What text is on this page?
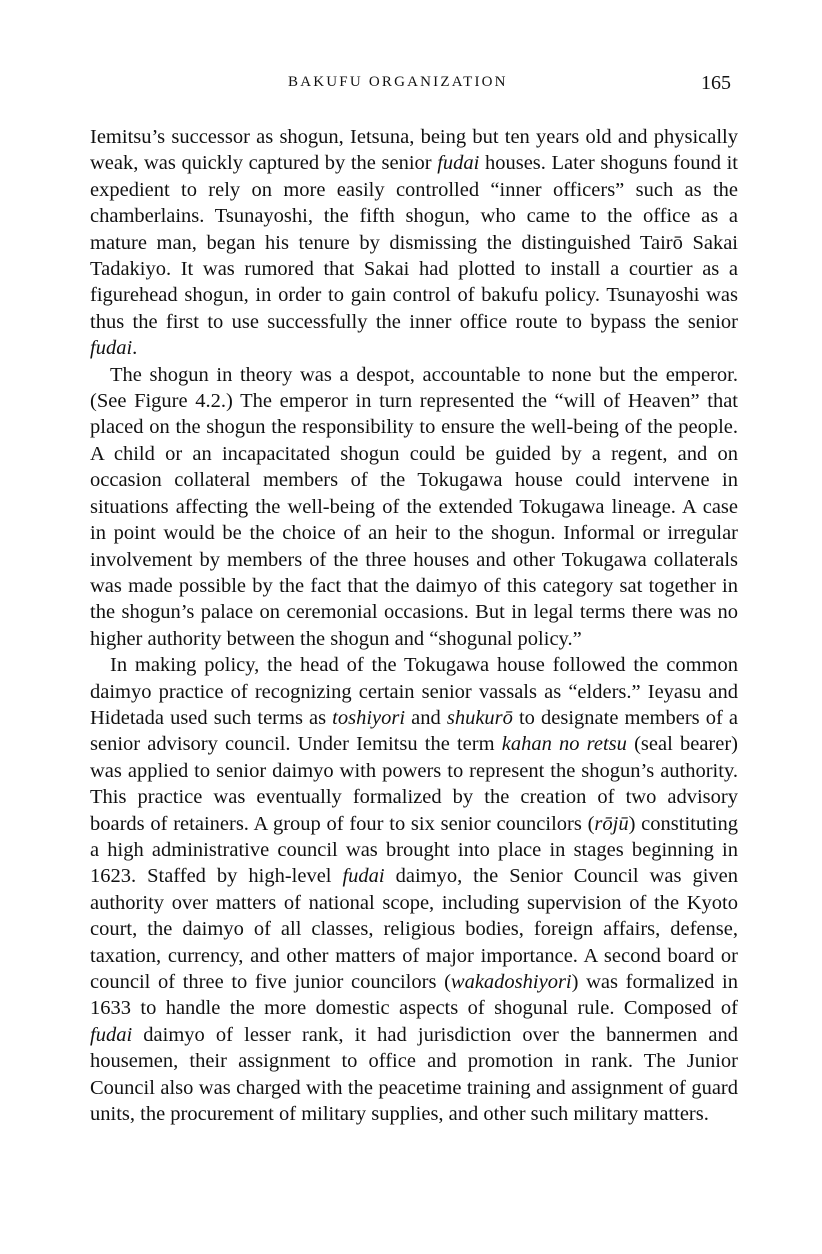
BAKUFU ORGANIZATION	165

Iemitsu’s successor as shogun, Ietsuna, being but ten years old and physically weak, was quickly captured by the senior fudai houses. Later shoguns found it expedient to rely on more easily controlled “inner officers” such as the chamberlains. Tsunayoshi, the fifth shogun, who came to the office as a mature man, began his tenure by dismissing the distinguished Tairō Sakai Tadakiyo. It was rumored that Sakai had plotted to install a courtier as a figurehead shogun, in order to gain control of bakufu policy. Tsunayoshi was thus the first to use successfully the inner office route to bypass the senior fudai.

The shogun in theory was a despot, accountable to none but the emperor. (See Figure 4.2.) The emperor in turn represented the “will of Heaven” that placed on the shogun the responsibility to ensure the well-being of the people. A child or an incapacitated shogun could be guided by a regent, and on occasion collateral members of the Tokugawa house could intervene in situations affecting the well-being of the extended Tokugawa lineage. A case in point would be the choice of an heir to the shogun. Informal or irregular involvement by members of the three houses and other Tokugawa collaterals was made possible by the fact that the daimyo of this category sat together in the shogun’s palace on ceremonial occasions. But in legal terms there was no higher authority between the shogun and “shogunal policy.”

In making policy, the head of the Tokugawa house followed the common daimyo practice of recognizing certain senior vassals as “elders.” Ieyasu and Hidetada used such terms as toshiyori and shukurō to designate members of a senior advisory council. Under Iemitsu the term kahan no retsu (seal bearer) was applied to senior daimyo with powers to represent the shogun’s authority. This practice was eventually formalized by the creation of two advisory boards of retainers. A group of four to six senior councilors (rōjū) constituting a high administrative council was brought into place in stages beginning in 1623. Staffed by high-level fudai daimyo, the Senior Council was given authority over matters of national scope, including supervision of the Kyoto court, the daimyo of all classes, religious bodies, foreign affairs, defense, taxation, currency, and other matters of major importance. A second board or council of three to five junior councilors (wakadoshiyori) was formalized in 1633 to handle the more domestic aspects of shogunal rule. Composed of fudai daimyo of lesser rank, it had jurisdiction over the bannermen and housemen, their assignment to office and promotion in rank. The Junior Council also was charged with the peacetime training and assignment of guard units, the procurement of military supplies, and other such military matters.
